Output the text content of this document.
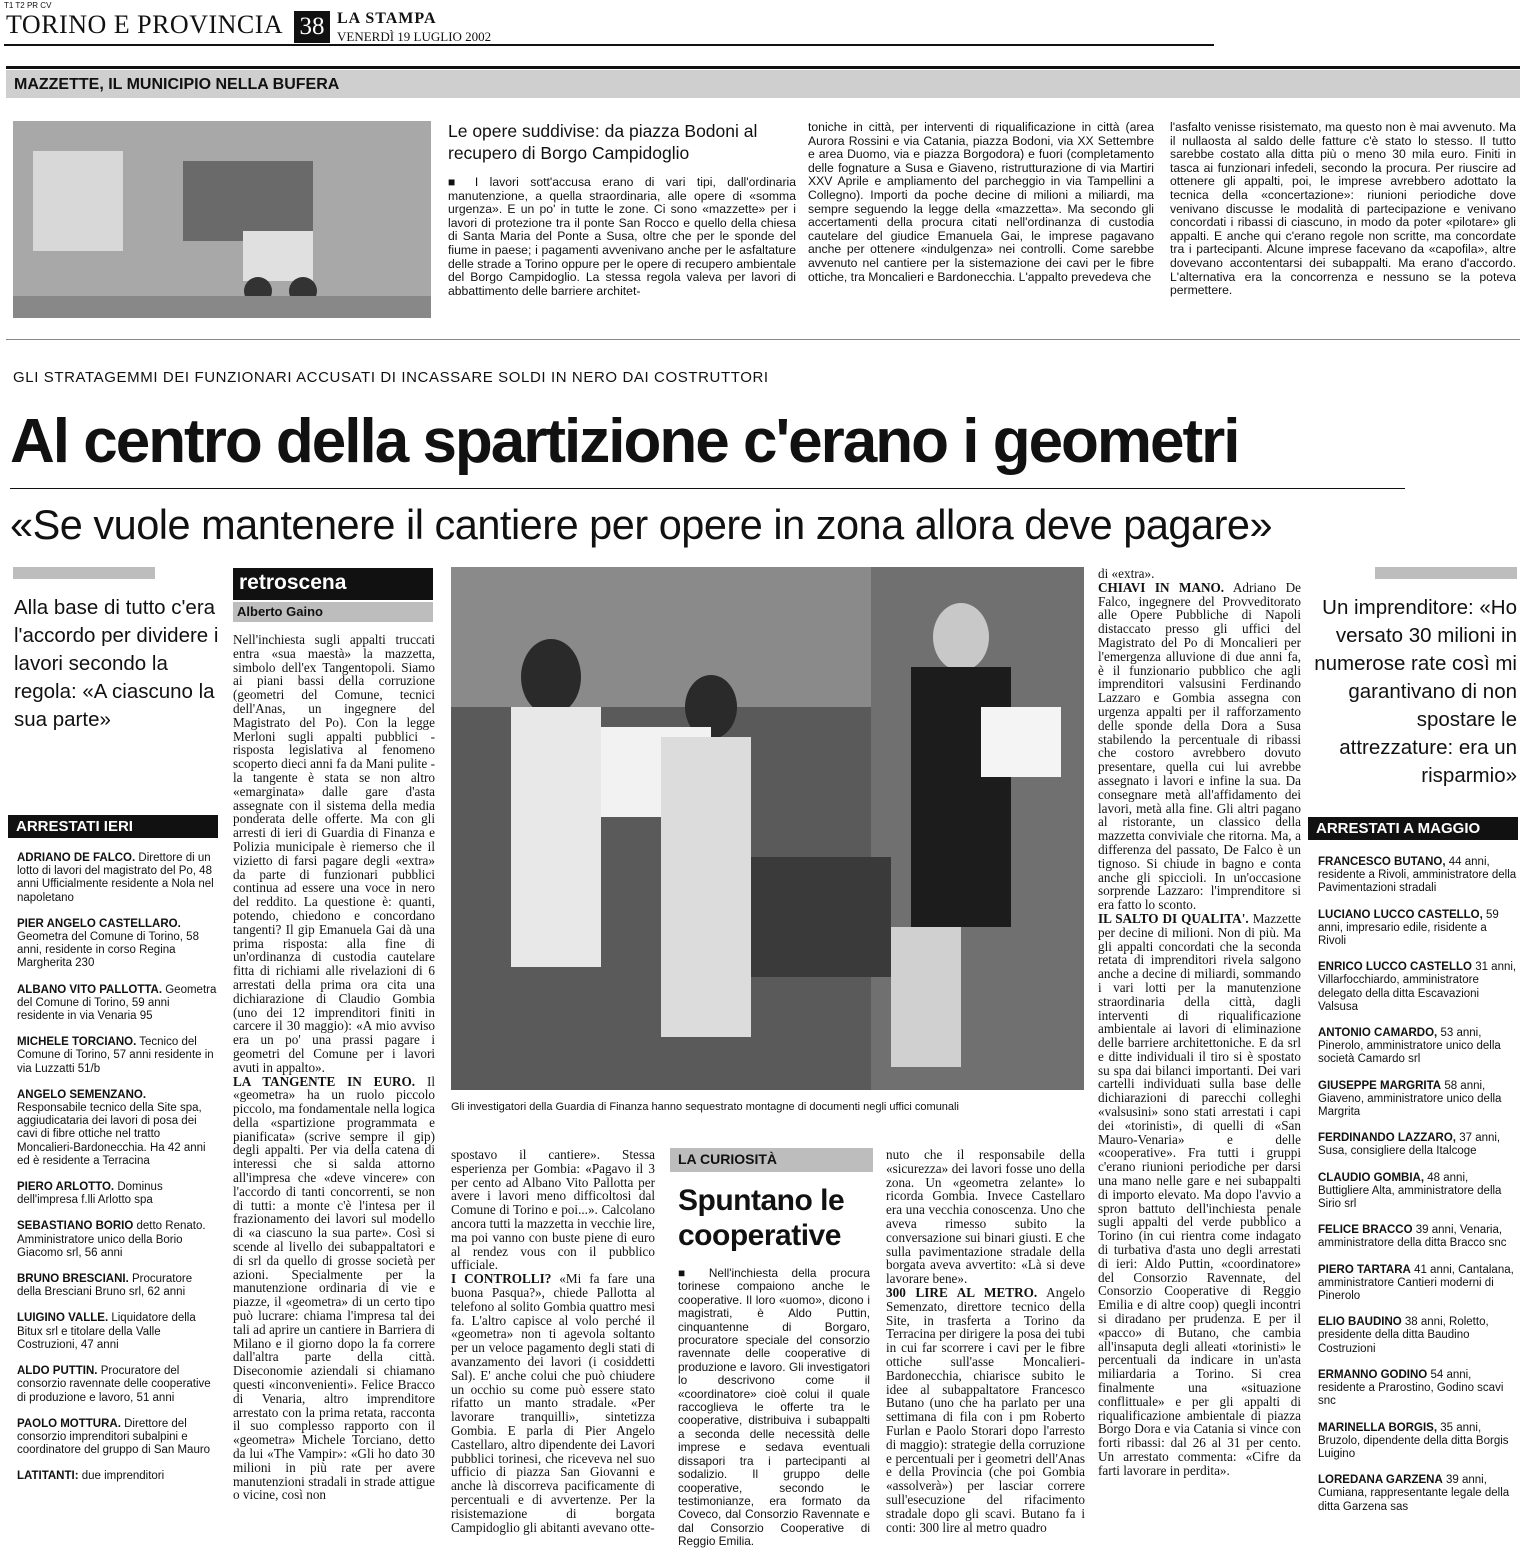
T1 T2 PR CV
TORINO E PROVINCIA 38 LA STAMPA
VENERDÌ 19 LUGLIO 2002
MAZZETTE, IL MUNICIPIO NELLA BUFERA
Le opere suddivise: da piazza Bodoni al recupero di Borgo Campidoglio
■ I lavori sott'accusa erano di vari tipi, dall'ordinaria manutenzione, a quella straordinaria, alle opere di «somma urgenza». E un po' in tutte le zone. Ci sono «mazzette» per i lavori di protezione tra il ponte San Rocco e quello della chiesa di Santa Maria del Ponte a Susa, oltre che per le sponde del fiume in paese; i pagamenti avvenivano anche per le asfaltature delle strade a Torino oppure per le opere di recupero ambientale del Borgo Campidoglio. La stessa regola valeva per lavori di abbattimento delle barriere architet-
toniche in città, per interventi di riqualificazione in città (area Aurora Rossini e via Catania, piazza Bodoni, via XX Settembre e area Duomo, via e piazza Borgodora) e fuori (completamento delle fognature a Susa e Giaveno, ristrutturazione di via Martiri XXV Aprile e ampliamento del parcheggio in via Tampellini a Collegno). Importi da poche decine di milioni a miliardi, ma sempre seguendo la legge della «mazzetta». Ma secondo gli accertamenti della procura citati nell'ordinanza di custodia cautelare del giudice Emanuela Gai, le imprese pagavano anche per ottenere «indulgenza» nei controlli. Come sarebbe avvenuto nel cantiere per la sistemazione dei cavi per le fibre ottiche, tra Moncalieri e Bardonecchia. L'appalto prevedeva che
l'asfalto venisse risistemato, ma questo non è mai avvenuto. Ma il nullaosta al saldo delle fatture c'è stato lo stesso. Il tutto sarebbe costato alla ditta più o meno 30 mila euro. Finiti in tasca ai funzionari infedeli, secondo la procura. Per riuscire ad ottenere gli appalti, poi, le imprese avrebbero adottato la tecnica della «concertazione»: riunioni periodiche dove venivano discusse le modalità di partecipazione e venivano concordati i ribassi di ciascuno, in modo da poter «pilotare» gli appalti. E anche qui c'erano regole non scritte, ma concordate tra i partecipanti. Alcune imprese facevano da «capofila», altre dovevano accontentarsi dei subappalti. Ma erano d'accordo. L'alternativa era la concorrenza e nessuno se la poteva permettere.
GLI STRATAGEMMI DEI FUNZIONARI ACCUSATI DI INCASSARE SOLDI IN NERO DAI COSTRUTTORI
Al centro della spartizione c'erano i geometri
«Se vuole mantenere il cantiere per opere in zona allora deve pagare»
Alla base di tutto c'era l'accordo per dividere i lavori secondo la regola: «A ciascuno la sua parte»
ARRESTATI IERI
ADRIANO DE FALCO. Direttore di un lotto di lavori del magistrato del Po, 48 anni Ufficialmente residente a Nola nel napoletano
PIER ANGELO CASTELLARO. Geometra del Comune di Torino, 58 anni, residente in corso Regina Margherita 230
ALBANO VITO PALLOTTA. Geometra del Comune di Torino, 59 anni residente in via Venaria 95
MICHELE TORCIANO. Tecnico del Comune di Torino, 57 anni residente in via Luzzatti 51/b
ANGELO SEMENZANO. Responsabile tecnico della Site spa, aggiudicataria dei lavori di posa dei cavi di fibre ottiche nel tratto Moncalieri-Bardonecchia. Ha 42 anni ed è residente a Terracina
PIERO ARLOTTO. Dominus dell'impresa f.lli Arlotto spa
SEBASTIANO BORIO detto Renato. Amministratore unico della Borio Giacomo srl, 56 anni
BRUNO BRESCIANI. Procuratore della Bresciani Bruno srl, 62 anni
LUIGINO VALLE. Liquidatore della Bitux srl e titolare della Valle Costruzioni, 47 anni
ALDO PUTTIN. Procuratore del consorzio ravennate delle cooperative di produzione e lavoro, 51 anni
PAOLO MOTTURA. Direttore del consorzio imprenditori subalpini e coordinatore del gruppo di San Mauro
LATITANTI: due imprenditori
retroscena
Alberto Gaino
Nell'inchiesta sugli appalti truccati entra «sua maestà» la mazzetta, simbolo dell'ex Tangentopoli. Siamo ai piani bassi della corruzione (geometri del Comune, tecnici dell'Anas, un ingegnere del Magistrato del Po). Con la legge Merloni sugli appalti pubblici - risposta legislativa al fenomeno scoperto dieci anni fa da Mani pulite - la tangente è stata se non altro «emarginata» dalle gare d'asta assegnate con il sistema della media ponderata delle offerte. Ma con gli arresti di ieri di Guardia di Finanza e Polizia municipale è riemerso che il vizietto di farsi pagare degli «extra» da parte di funzionari pubblici continua ad essere una voce in nero del reddito. La questione è: quanti, potendo, chiedono e concordano tangenti? Il gip Emanuela Gai dà una prima risposta: alla fine di un'ordinanza di custodia cautelare fitta di richiami alle rivelazioni di 6 arrestati della prima ora cita una dichiarazione di Claudio Gombia (uno dei 12 imprenditori finiti in carcere il 30 maggio): «A mio avviso era un po' una prassi pagare i geometri del Comune per i lavori avuti in appalto».
LA TANGENTE IN EURO. Il «geometra» ha un ruolo piccolo piccolo, ma fondamentale nella logica della «spartizione programmata e pianificata» (scrive sempre il gip) degli appalti. Per via della catena di interessi che si salda attorno all'impresa che «deve vincere» con l'accordo di tanti concorrenti, se non di tutti: a monte c'è l'intesa per il frazionamento dei lavori sul modello di «a ciascuno la sua parte». Così si scende al livello dei subappaltatori e di srl da quello di grosse società per azioni. Specialmente per la manutenzione ordinaria di vie e piazze, il «geometra» di un certo tipo può lucrare: chiama l'impresa tal dei tali ad aprire un cantiere in Barriera di Milano e il giorno dopo la fa correre dall'altra parte della città. Diseconomie aziendali si chiamano questi «inconvenienti». Felice Bracco di Venaria, altro imprenditore arrestato con la prima retata, racconta il suo complesso rapporto con il «geometra» Michele Torciano, detto da lui «The Vampir»: «Gli ho dato 30 milioni in più rate per avere manutenzioni stradali in strade attigue o vicine, così non
Gli investigatori della Guardia di Finanza hanno sequestrato montagne di documenti negli uffici comunali
spostavo il cantiere». Stessa esperienza per Gombia: «Pagavo il 3 per cento ad Albano Vito Pallotta per avere i lavori meno difficoltosi dal Comune di Torino e poi...». Calcolano ancora tutti la mazzetta in vecchie lire, ma poi vanno con buste piene di euro al rendez vous con il pubblico ufficiale.
I CONTROLLI? «Mi fa fare una buona Pasqua?», chiede Pallotta al telefono al solito Gombia quattro mesi fa. L'altro capisce al volo perché il «geometra» non ti agevola soltanto per un veloce pagamento degli stati di avanzamento dei lavori (i cosiddetti Sal). E' anche colui che può chiudere un occhio su come può essere stato rifatto un manto stradale. «Per lavorare tranquilli», sintetizza Gombia. E parla di Pier Angelo Castellaro, altro dipendente dei Lavori pubblici torinesi, che riceveva nel suo ufficio di piazza San Giovanni e anche là discorreva pacificamente di percentuali e di avvertenze. Per la risistemazione di borgata Campidoglio gli abitanti avevano otte-
LA CURIOSITÀ
Spuntano le cooperative
■ Nell'inchiesta della procura torinese compaiono anche le cooperative. Il loro «uomo», dicono i magistrati, è Aldo Puttin, cinquantenne di Borgaro, procuratore speciale del consorzio ravennate delle cooperative di produzione e lavoro. Gli investigatori lo descrivono come il «coordinatore» cioè colui il quale raccoglieva le offerte tra le cooperative, distribuiva i subappalti a seconda delle necessità delle imprese e sedava eventuali dissapori tra i partecipanti al sodalizio. Il gruppo delle cooperative, secondo le testimonianze, era formato da Coveco, dal Consorzio Ravennate e dal Consorzio Cooperative di Reggio Emilia.
nuto che il responsabile della «sicurezza» dei lavori fosse uno della zona. Un «geometra zelante» lo ricorda Gombia. Invece Castellaro era una vecchia conoscenza. Uno che aveva rimesso subito la conversazione sui binari giusti. E che sulla pavimentazione stradale della borgata aveva avvertito: «Là si deve lavorare bene».
300 LIRE AL METRO. Angelo Semenzato, direttore tecnico della Site, in trasferta a Torino da Terracina per dirigere la posa dei tubi in cui far scorrere i cavi per le fibre ottiche sull'asse Moncalieri-Bardonecchia, chiarisce subito le idee al subappaltatore Francesco Butano (uno che ha parlato per una settimana di fila con i pm Roberto Furlan e Paolo Storari dopo l'arresto di maggio): strategie della corruzione e percentuali per i geometri dell'Anas e della Provincia (che poi Gombia «assolverà») per lasciar correre sull'esecuzione del rifacimento stradale dopo gli scavi. Butano fa i conti: 300 lire al metro quadro
di «extra».
CHIAVI IN MANO. Adriano De Falco, ingegnere del Provveditorato alle Opere Pubbliche di Napoli distaccato presso gli uffici del Magistrato del Po di Moncalieri per l'emergenza alluvione di due anni fa, è il funzionario pubblico che agli imprenditori valsusini Ferdinando Lazzaro e Gombia assegna con urgenza appalti per il rafforzamento delle sponde della Dora a Susa stabilendo la percentuale di ribassi che costoro avrebbero dovuto presentare, quella cui lui avrebbe assegnato i lavori e infine la sua. Da consegnare metà all'affidamento dei lavori, metà alla fine. Gli altri pagano al ristorante, un classico della mazzetta conviviale che ritorna. Ma, a differenza del passato, De Falco è un tignoso. Si chiude in bagno e conta anche gli spiccioli. In un'occasione sorprende Lazzaro: l'imprenditore si era fatto lo sconto.
IL SALTO DI QUALITA'. Mazzette per decine di milioni. Non di più. Ma gli appalti concordati che la seconda retata di imprenditori rivela salgono anche a decine di miliardi, sommando i vari lotti per la manutenzione straordinaria della città, dagli interventi di riqualificazione ambientale ai lavori di eliminazione delle barriere architettoniche. E da srl e ditte individuali il tiro si è spostato su spa dai bilanci importanti. Dei vari cartelli individuati sulla base delle dichiarazioni di parecchi colleghi «valsusini» sono stati arrestati i capi dei «torinisti», di quelli di «San Mauro-Venaria» e delle «cooperative». Fra tutti i gruppi c'erano riunioni periodiche per darsi una mano nelle gare e nei subappalti di importo elevato. Ma dopo l'avvio a spron battuto dell'inchiesta penale sugli appalti del verde pubblico a Torino (in cui rientra come indagato di turbativa d'asta uno degli arrestati di ieri: Aldo Puttin, «coordinatore» del Consorzio Ravennate, del Consorzio Cooperative di Reggio Emilia e di altre coop) quegli incontri si diradano per prudenza. E per il «pacco» di Butano, che cambia all'insaputa degli alleati «torinisti» le percentuali da indicare in un'asta miliardaria a Torino. Si crea finalmente una «situazione conflittuale» e per gli appalti di riqualificazione ambientale di piazza Borgo Dora e via Catania si vince con forti ribassi: dal 26 al 31 per cento. Un arrestato commenta: «Cifre da farti lavorare in perdita».
Un imprenditore: «Ho versato 30 milioni in numerose rate così mi garantivano di non spostare le attrezzature: era un risparmio»
ARRESTATI A MAGGIO
FRANCESCO BUTANO, 44 anni, residente a Rivoli, amministratore della Pavimentazioni stradali
LUCIANO LUCCO CASTELLO, 59 anni, impresario edile, risidente a Rivoli
ENRICO LUCCO CASTELLO 31 anni, Villarfocchiardo, amministratore delegato della ditta Escavazioni Valsusa
ANTONIO CAMARDO, 53 anni, Pinerolo, amministratore unico della società Camardo srl
GIUSEPPE MARGRITA 58 anni, Giaveno, amministratore unico della Margrita
FERDINANDO LAZZARO, 37 anni, Susa, consigliere della Italcoge
CLAUDIO GOMBIA, 48 anni, Buttigliere Alta, amministratore della Sirio srl
FELICE BRACCO 39 anni, Venaria, amministratore della ditta Bracco snc
PIERO TARTARA 41 anni, Cantalana, amministratore Cantieri moderni di Pinerolo
ELIO BAUDINO 38 anni, Roletto, presidente della ditta Baudino Costruzioni
ERMANNO GODINO 54 anni, residente a Prarostino, Godino scavi snc
MARINELLA BORGIS, 35 anni, Bruzolo, dipendente della ditta Borgis Luigino
LOREDANA GARZENA 39 anni, Cumiana, rappresentante legale della ditta Garzena sas
